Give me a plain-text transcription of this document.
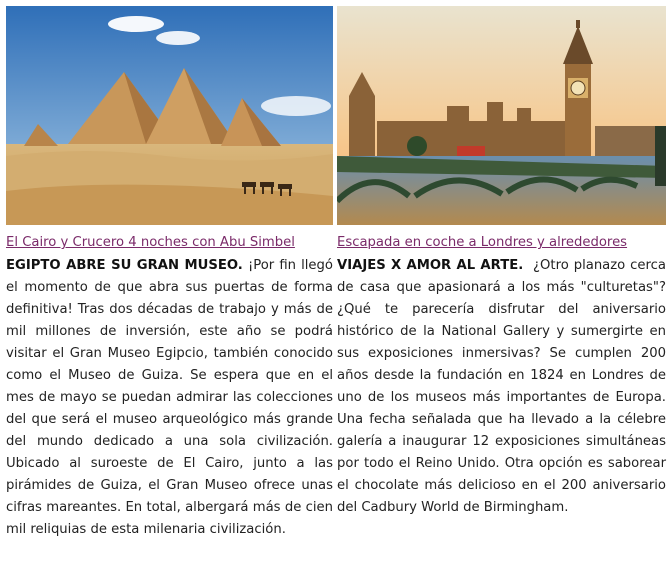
El Cairo y Crucero 4 noches con Abu Simbel
EGIPTO ABRE SU GRAN MUSEO. ¡Por fin llegó el momento de que abra sus puertas de forma definitiva! Tras dos décadas de trabajo y más de mil millones de inversión, este año se podrá visitar el Gran Museo Egipcio, también conocido como el Museo de Guiza. Se espera que en el mes de mayo se puedan admirar las colecciones del que será el museo arqueológico más grande del mundo dedicado a una sola civilización. Ubicado al suroeste de El Cairo, junto a las pirámides de Guiza, el Gran Museo ofrece unas cifras mareantes. En total, albergará más de cien mil reliquias de esta milenaria civilización.
Escapada en coche a Londres y alrededores
VIAJES X AMOR AL ARTE. ¿Otro planazo cerca de casa que apasionará a los más "culturetas"? ¿Qué te parecería disfrutar del aniversario histórico de la National Gallery y sumergirte en sus exposiciones inmersivas? Se cumplen 200 años desde la fundación en 1824 en Londres de uno de los museos más importantes de Europa. Una fecha señalada que ha llevado a la célebre galería a inaugurar 12 exposiciones simultáneas por todo el Reino Unido. Otra opción es saborear el chocolate más delicioso en el 200 aniversario del Cadbury World de Birmingham.
